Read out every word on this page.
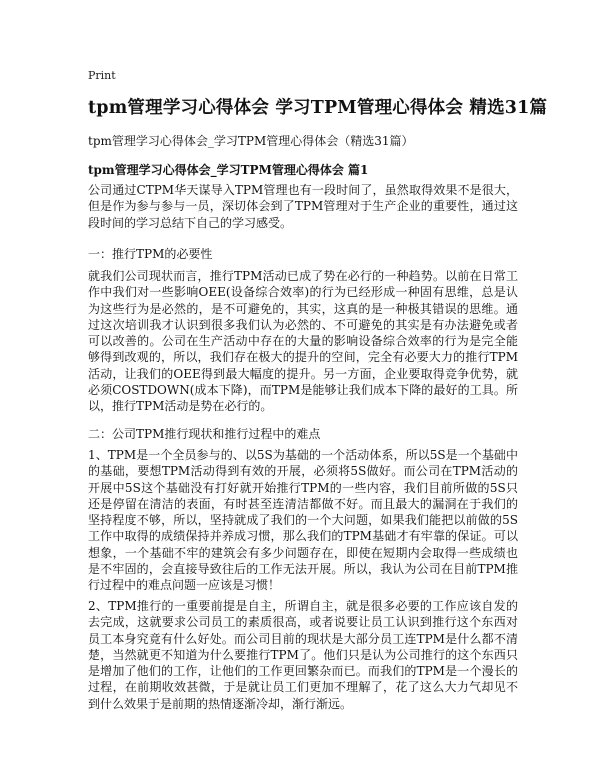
Print
tpm管理学习心得体会 学习TPM管理心得体会 精选31篇
tpm管理学习心得体会_学习TPM管理心得体会（精选31篇）
tpm管理学习心得体会_学习TPM管理心得体会 篇1
公司通过CTPM华天谋导入TPM管理也有一段时间了，虽然取得效果不是很大，但是作为参与参与一员，深切体会到了TPM管理对于生产企业的重要性，通过这段时间的学习总结下自己的学习感受。
一：推行TPM的必要性
就我们公司现状而言，推行TPM活动已成了势在必行的一种趋势。以前在日常工作中我们对一些影响OEE(设备综合效率)的行为已经形成一种固有思维，总是认为这些行为是必然的，是不可避免的，其实，这真的是一种极其错误的思维。通过这次培训我才认识到很多我们认为必然的、不可避免的其实是有办法避免或者可以改善的。公司在生产活动中存在的大量的影响设备综合效率的行为是完全能够得到改观的，所以，我们存在极大的提升的空间，完全有必要大力的推行TPM活动，让我们的OEE得到最大幅度的提升。另一方面，企业要取得竞争优势，就必须COSTDOWN(成本下降)，而TPM是能够让我们成本下降的最好的工具。所以，推行TPM活动是势在必行的。
二：公司TPM推行现状和推行过程中的难点
1、TPM是一个全员参与的、以5S为基础的一个活动体系，所以5S是一个基础中的基础，要想TPM活动得到有效的开展，必须将5S做好。而公司在TPM活动的开展中5S这个基础没有打好就开始推行TPM的一些内容，我们目前所做的5S只还是停留在清洁的表面，有时甚至连清洁都做不好。而且最大的漏洞在于我们的坚持程度不够，所以，坚持就成了我们的一个大问题，如果我们能把以前做的5S工作中取得的成绩保持并养成习惯，那么我们的TPM基础才有牢靠的保证。可以想象，一个基础不牢的建筑会有多少问题存在，即使在短期内会取得一些成绩也是不牢固的，会直接导致往后的工作无法开展。所以，我认为公司在目前TPM推行过程中的难点问题一应该是习惯！
2、TPM推行的一重要前提是自主，所谓自主，就是很多必要的工作应该自发的去完成，这就要求公司员工的素质很高，或者说要让员工认识到推行这个东西对员工本身究竟有什么好处。而公司目前的现状是大部分员工连TPM是什么都不清楚，当然就更不知道为什么要推行TPM了。他们只是认为公司推行的这个东西只是增加了他们的工作，让他们的工作更回繁杂而已。而我们的TPM是一个漫长的过程，在前期收效甚微，于是就让员工们更加不理解了，花了这么大力气却见不到什么效果于是前期的热情逐渐冷却，渐行渐远。
